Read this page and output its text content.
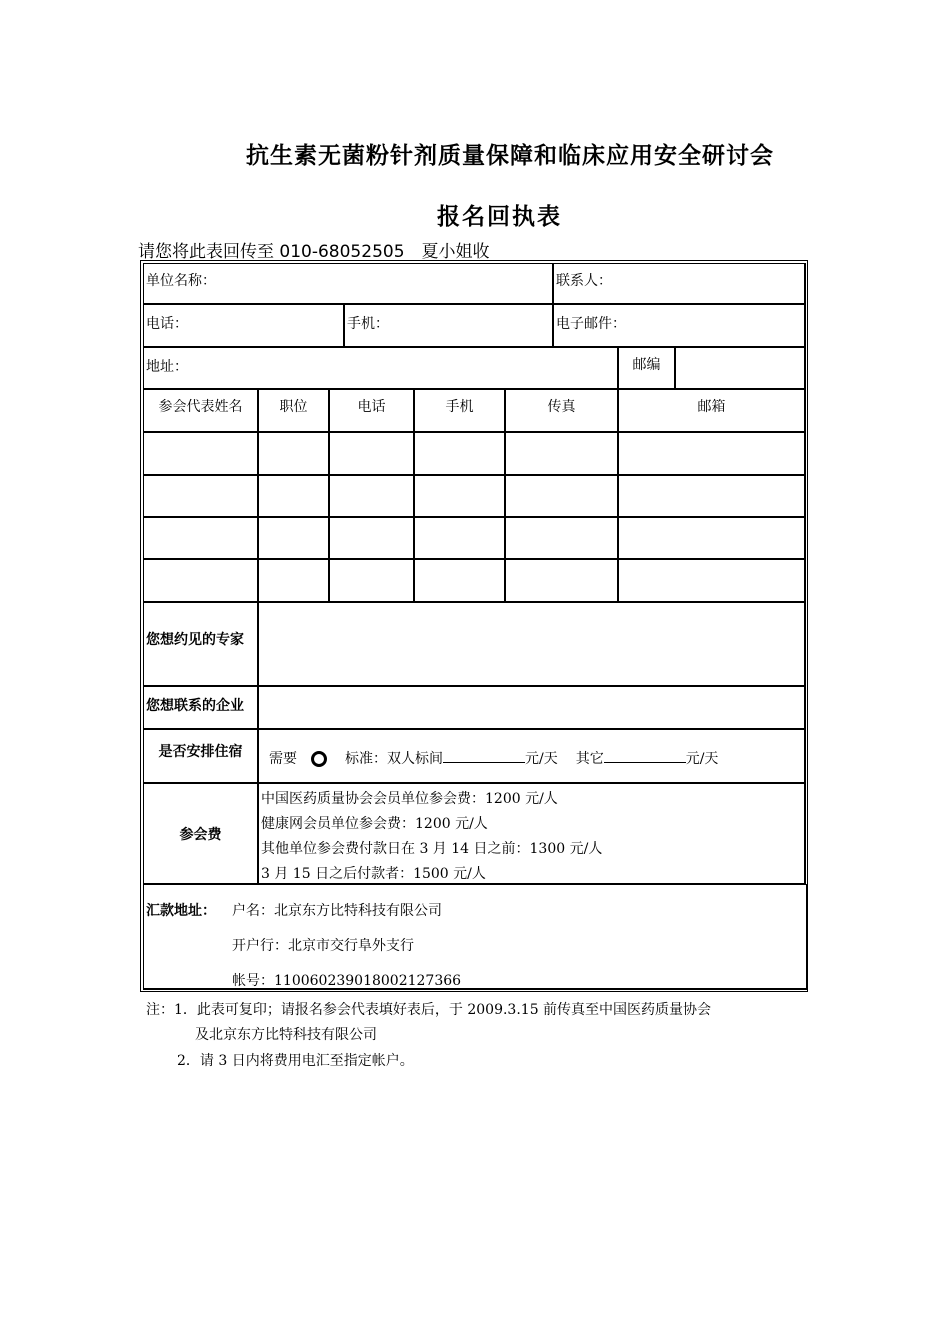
抗生素无菌粉针剂质量保障和临床应用安全研讨会
报名回执表
请您将此表回传至 010-68052505　夏小姐收
单位名称：	联系人：
电话：	手机：	电子邮件：
地址：	邮编
参会代表姓名	职位	电话	手机	传真	邮箱
您想约见的专家
您想联系的企业
是否安排住宿 需要	标准：双人标间	元/天 其它	元/天
参会费
中国医药质量协会会员单位参会费：1200 元/人
健康网会员单位参会费：1200 元/人
其他单位参会费付款日在 3 月 14 日之前：1300 元/人
3 月 15 日之后付款者：1500 元/人
汇款地址： 户名：北京东方比特科技有限公司
开户行：北京市交行阜外支行
帐号：110060239018002127366
注：1．此表可复印；请报名参会代表填好表后，于 2009.3.15 前传真至中国医药质量协会
及北京东方比特科技有限公司
2．请 3 日内将费用电汇至指定帐户。
